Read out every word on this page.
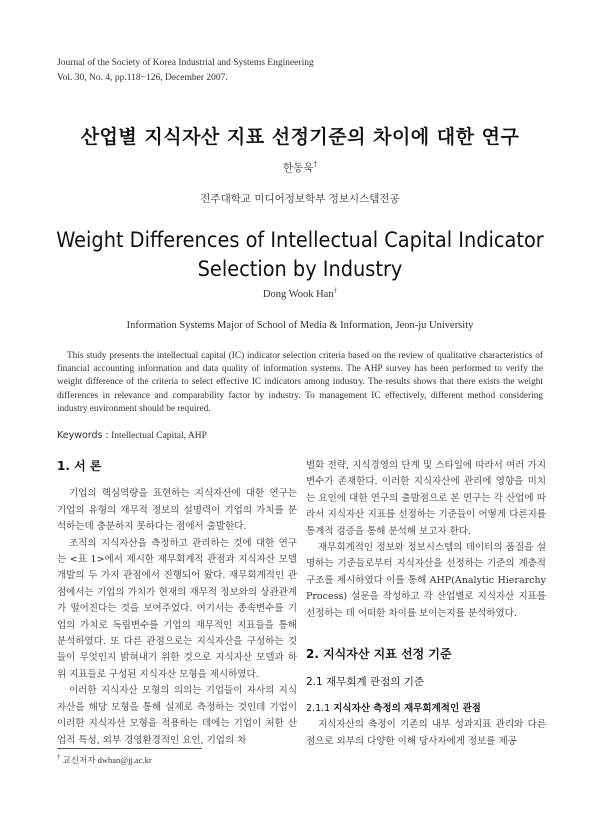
Journal of the Society of Korea Industrial and Systems Engineering
Vol. 30, No. 4, pp.118−126, December 2007.
산업별 지식자산 지표 선정기준의 차이에 대한 연구
한동욱†
전주대학교 미디어정보학부 정보시스템전공
Weight Differences of Intellectual Capital Indicator
Selection by Industry
Dong Wook Han†
Information Systems Major of School of Media & Information, Jeon-ju University
This study presents the intellectual capital (IC) indicator selection criteria based on the review of qualitative characteristics of financial accounting information and data quality of information systems. The AHP survey has been performed to verify the weight difference of the criteria to select effective IC indicators among industry. The results shows that there exists the weight differences in relevance and comparability factor by industry. To management IC effectively, different method considering industry environment should be required.
Keywords : Intellectual Capital, AHP
1. 서 론

기업의 핵심역량을 표현하는 지식자산에 대한 연구는 기업의 유형의 재무적 정보의 설명력이 기업의 가치를 분석하는데 충분하지 못하다는 점에서 출발한다.

조직의 지식자산을 측정하고 관리하는 것에 대한 연구는 <표 1>에서 제시한 재무회계적 관점과 지식자산 모델 개발의 두 가지 관점에서 진행되어 왔다. 재무회계적인 관점에서는 기업의 가치가 현재의 재무적 정보와의 상관관계가 떨어진다는 것을 보여주었다. 여기서는 종속변수를 기업의 가치로 독립변수를 기업의 재무적인 지표들을 통해 분석하였다. 또 다른 관점으로는 지식자산을 구성하는 것들이 무엇인지 밝혀내기 위한 것으로 지식자산 모델과 하위 지표들로 구성된 지식자산 모형을 제시하였다.

이러한 지식자산 모형의 의의는 기업들이 자사의 지식자산을 해당 모형을 통해 실제로 측정하는 것인데 기업이 이러한 지식자산 모형을 적용하는 데에는 기업이 처한 산업적 특성, 외부 경영환경적인 요인, 기업의 차

별화 전략, 지식경영의 단계 및 스타일에 따라서 여러 가지 변수가 존재한다. 이러한 지식자산에 관리에 영향을 미치는 요인에 대한 연구의 출발점으로 본 연구는 각 산업에 따라서 지식자산 지표를 선정하는 기준들이 어떻게 다른지를 통계적 검증을 통해 분석해 보고자 한다.

재무회계적인 정보와 정보시스템의 데이터의 품질을 설명하는 기준들로부터 지식자산을 선정하는 기준의 계층적 구조를 제시하였다 이를 통해 AHP(Analytic Hierarchy Process) 설문을 작성하고 각 산업별로 지식자산 지표를 선정하는 데 어떠한 차이를 보이는지를 분석하였다.

2. 지식자산 지표 선정 기준
2.1 재무회계 관점의 기준
2.1.1 지식자산 측정의 재무회계적인 관점

지식자산의 측정이 기존의 내부 성과지표 관리와 다른 점으로 외부의 다양한 이해 당사자에게 정보를 제공

† 교신저자 dwhan@jj.ac.kr
